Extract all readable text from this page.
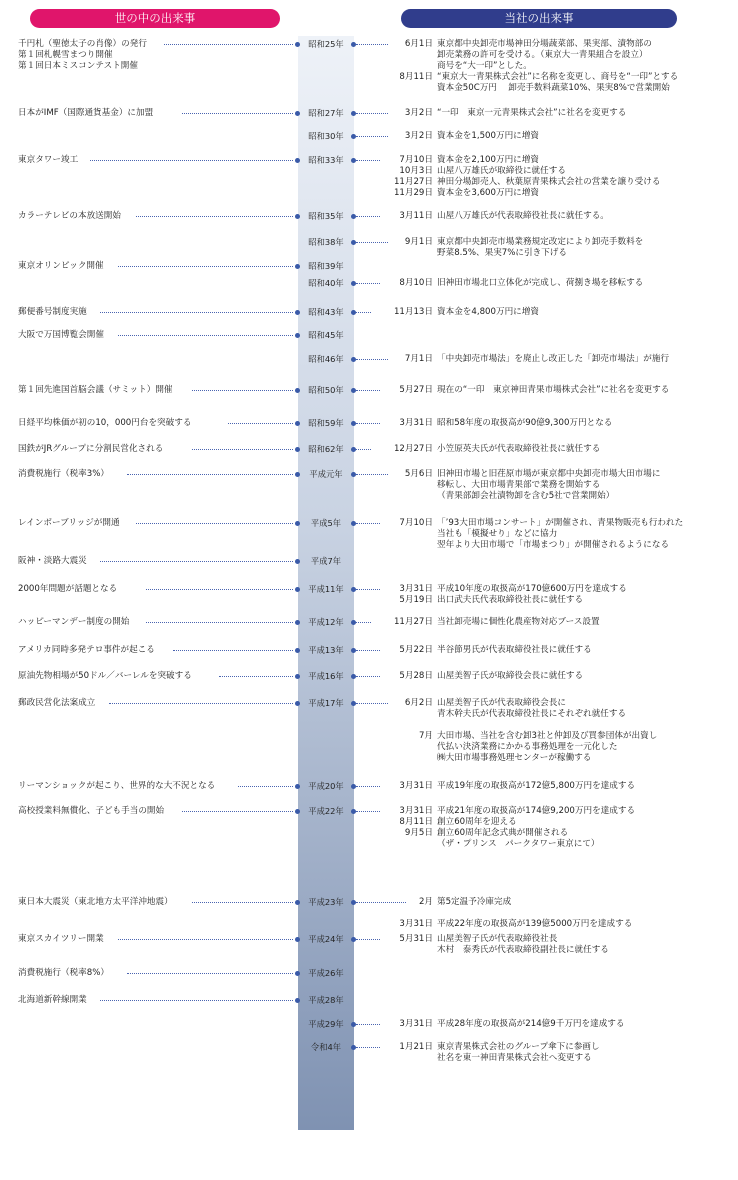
世の中の出来事	当社の出来事
千円札（聖徳太子の肖像）の発行
第１回札幌雪まつり開催
第１回日本ミスコンテスト開催
昭和25年	6月1日 東京都中央卸売市場神田分場蔬菜部、果実部、漬物部の
卸売業務の許可を受ける。（東京大一青果組合を設立）
商号を“大一印”とした。
8月11日 “東京大一青果株式会社”に名称を変更し、商号を“一印”とする
資本金50C万円　 卸売手数料蔬菜10%、果実8%で営業開始
日本がIMF（国際通貨基金）に加盟	昭和27年	3月2日 “一印　東京一元青果株式会社”に社名を変更する
昭和30年	3月2日 資本金を1,500万円に増資
東京タワー竣工	昭和33年	7月10日 資本金を2,100万円に増資
10月3日 山屋八万雄氏が取締役に就任する
11月27日 神田分場卸売人、秋葉原青果株式会社の営業を譲り受ける
11月29日 資本金を3,600万円に増資
カラーテレビの本放送開始	昭和35年	3月11日 山屋八万雄氏が代表取締役社長に就任する。
昭和38年	9月1日 東京都中央卸売市場業務規定改定により卸売手数料を
野菜8.5%、果実7%に引き下げる
東京オリンピック開催	昭和39年
昭和40年	8月10日 旧神田市場北口立体化が完成し、荷捌き場を移転する
郵便番号制度実施	昭和43年	11月13日 資本金を4,800万円に増資
大阪で万国博覧会開催	昭和45年
昭和46年	7月1日 「中央卸売市場法」を廃止し改正した「卸売市場法」が施行
第１回先進国首脳会議（サミット）開催	昭和50年	5月27日 現在の“一印　東京神田青果市場株式会社”に社名を変更する
日経平均株価が初の10，000円台を突破する	昭和59年	3月31日 昭和58年度の取扱高が90億9,300万円となる
国鉄がJRグループに分割民営化される	昭和62年	12月27日 小笠原英夫氏が代表取締役社長に就任する
消費税施行（税率3%）	平成元年	5月6日 旧神田市場と旧荏原市場が東京都中央卸売市場大田市場に
移転し、大田市場青果部で業務を開始する
（青果部卸会社漬物卸を含む5社で営業開始）
レインボーブリッジが開通	平成5年	7月10日 「’93大田市場コンサート」が開催され、青果物販売も行われた
当社も「模擬せり」などに協力
翌年より大田市場で「市場まつり」が開催されるようになる
阪神・淡路大震災	平成7年
2000年問題が話題となる	平成11年	3月31日 平成10年度の取扱高が170億600万円を達成する
5月19日 出口武夫氏代表取締役社長に就任する
ハッピーマンデー制度の開始	平成12年	11月27日 当社卸売場に個性化農産物対応ブース設置
アメリカ同時多発テロ事件が起こる	平成13年	5月22日 半谷節男氏が代表取締役社長に就任する
原油先物相場が50ドル／バーレルを突破する	平成16年	5月28日 山屋美智子氏が取締役会長に就任する
郵政民営化法案成立	平成17年	6月2日 山屋美智子氏が代表取締役会長に
青木幹夫氏が代表取締役社長にそれぞれ就任する
7月 大田市場、当社を含む卸3社と仲卸及び買参団体が出資し
代払い決済業務にかかる事務処理を一元化した
㈱大田市場事務処理センターが稼働する
リーマンショックが起こり、世界的な大不況となる	平成20年	3月31日 平成19年度の取扱高が172億5,800万円を達成する
高校授業料無償化、子ども手当の開始	平成22年	3月31日 平成21年度の取扱高が174億9,200万円を達成する
8月11日 創立60周年を迎える
9月5日 創立60周年記念式典が開催される
（ザ・プリンス　パークタワー東京にて）
東日本大震災（東北地方太平洋沖地震）	平成23年	2月 第5定温予冷庫完成
3月31日 平成22年度の取扱高が139億5000万円を達成する
東京スカイツリー開業	平成24年	5月31日 山屋美智子氏が代表取締役社長
木村　泰秀氏が代表取締役副社長に就任する
消費税施行（税率8%）	平成26年
北海道新幹線開業	平成28年
平成29年	3月31日 平成28年度の取扱高が214億9千万円を達成する
令和4年	1月21日 東京青果株式会社のグループ傘下に参画し
社名を東一神田青果株式会社へ変更する
